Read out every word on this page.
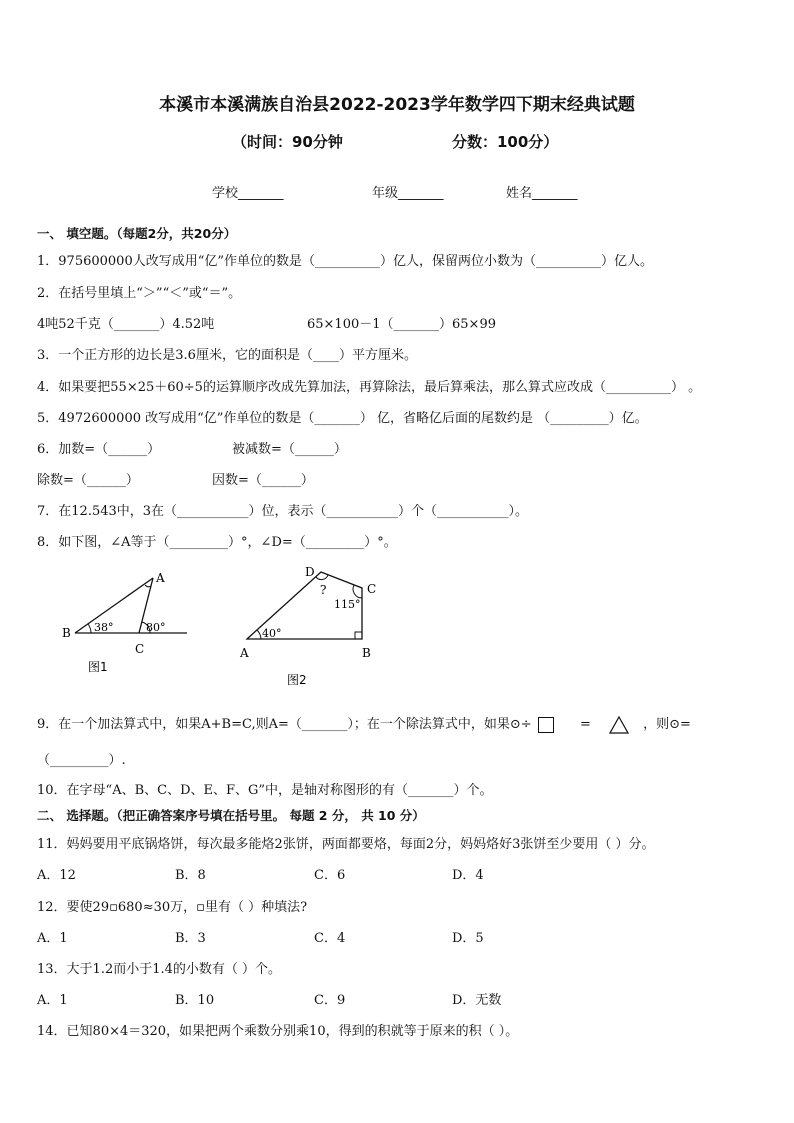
本溪市本溪满族自治县2022-2023学年数学四下期末经典试题
（时间：90分钟	分数：100分）
学校_______	年级_______	姓名_______
一、 填空题。（每题2分，共20分）
1．975600000人改写成用“亿”作单位的数是（__________）亿人，保留两位小数为（__________）亿人。
2．在括号里填上“＞”“＜”或“＝”。
4吨52千克（_______）4.52吨	65×100－1（_______）65×99
3．一个正方形的边长是3.6厘米，它的面积是（____）平方厘米。
4．如果要把55×25＋60÷5的运算顺序改成先算加法，再算除法，最后算乘法，那么算式应改成（__________） 。
5．4972600000 改写成用“亿”作单位的数是（_______） 亿，省略亿后面的尾数约是 （_________）亿。
6．加数=（______）	被减数=（______）
除数=（______）	因数=（______）
7．在12.543中，3在（___________）位，表示（___________）个（___________）。
8．如下图，∠A等于（_________）°，∠D=（_________）°。
A
B
C
38°	80°
图1
A	B
C
D
?
115°
40°
图2
9．在一个加法算式中，如果A+B=C,则A=（_______）；在一个除法算式中，如果⊙÷	=	，则⊙=
（_________）.
10．在字母“A、B、C、D、E、F、G”中，是轴对称图形的有（_______）个。
二、 选择题。（把正确答案序号填在括号里。 每题 2 分， 共 10 分）
11．妈妈要用平底锅烙饼，每次最多能烙2张饼，两面都要烙，每面2分，妈妈烙好3张饼至少要用（ ）分。
A．12	B．8	C．6	D．4
12．要使29▫680≈30万，▫里有（ ）种填法?
A．1	B．3	C．4	D．5
13．大于1.2而小于1.4的小数有（ ）个。
A．1	B．10	C．9	D．无数
14．已知80×4＝320，如果把两个乘数分别乘10，得到的积就等于原来的积（ ）。
